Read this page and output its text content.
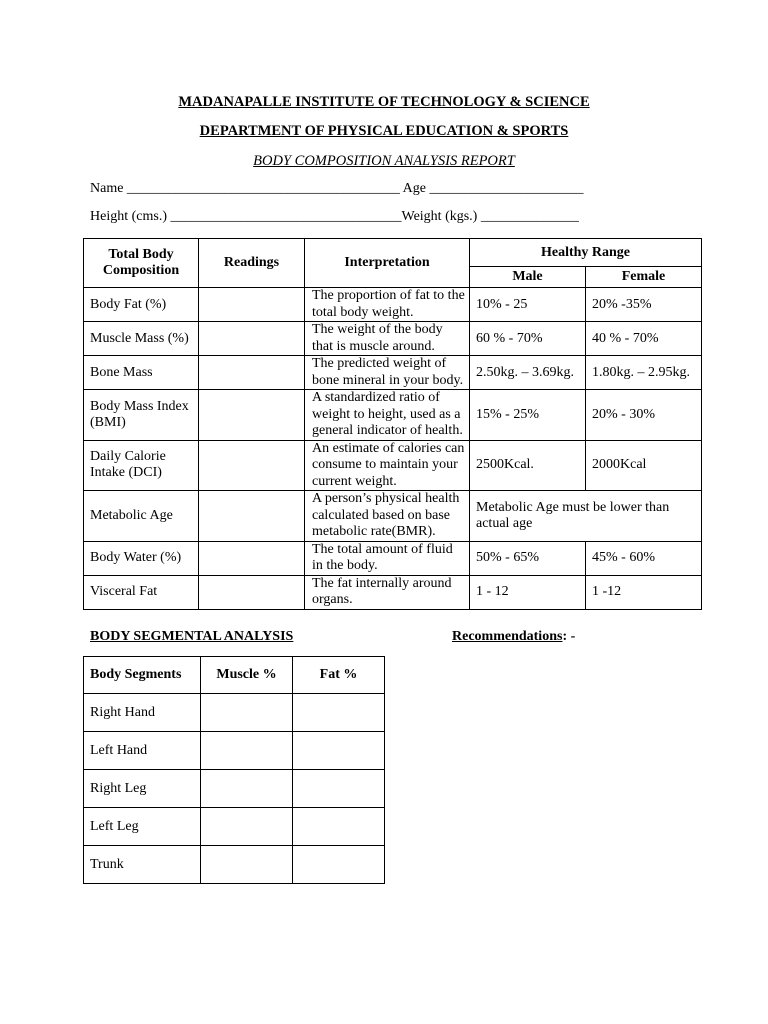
MADANAPALLE INSTITUTE OF TECHNOLOGY & SCIENCE
DEPARTMENT OF PHYSICAL EDUCATION & SPORTS
BODY COMPOSITION ANALYSIS REPORT
Name _______________________________________ Age ______________________
Height (cms.) _________________________________Weight (kgs.) ______________
Total Body Composition	Readings	Interpretation	Healthy Range	
			Male	Female
Body Fat (%)		The proportion of fat to the total body weight.	10% - 25	20% -35%
Muscle Mass (%)		The weight of the body that is muscle around.	60 % - 70%	40 % - 70%
Bone Mass		The predicted weight of bone mineral in your body.	2.50kg. – 3.69kg.	1.80kg. – 2.95kg.
Body Mass Index (BMI)		A standardized ratio of weight to height, used as a general indicator of health.	15% - 25%	20% - 30%
Daily Calorie Intake (DCI)		An estimate of calories can consume to maintain your current weight.	2500Kcal.	2000Kcal
Metabolic Age		A person’s physical health calculated based on base metabolic rate(BMR).	Metabolic Age must be lower than actual age	
Body Water (%)		The total amount of fluid in the body.	50% - 65%	45% - 60%
Visceral Fat		The fat internally around organs.	1 - 12	1 -12
BODY SEGMENTAL ANALYSIS	Recommendations: -
Body Segments	Muscle %	Fat %
Right Hand		
Left Hand		
Right Leg		
Left Leg		
Trunk		
